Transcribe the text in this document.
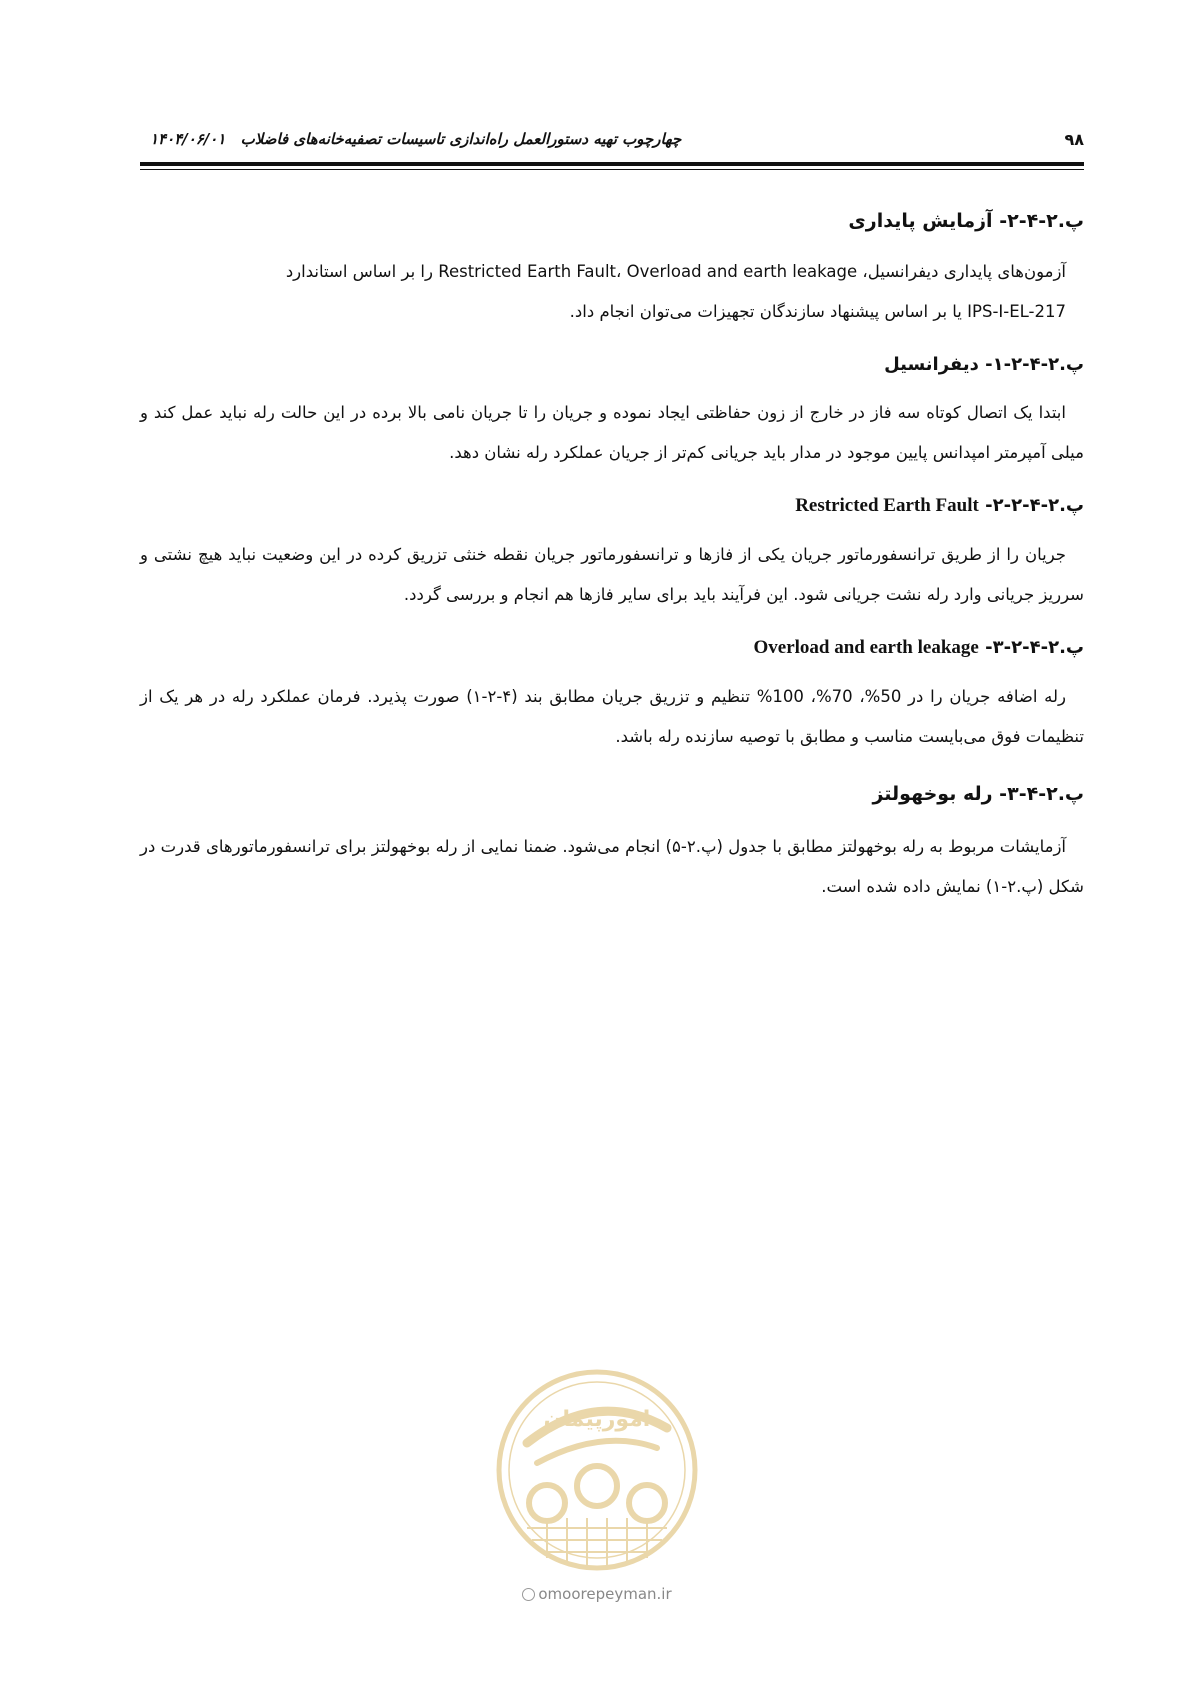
۹۸
چهارچوب تهیه دستورالعمل راه‌اندازی تاسیسات تصفیه‌خانه‌های فاضلاب ۱۴۰۴/۰۶/۰۱
پ.۲-۴-۲- آزمایش پایداری

آزمون‌های پایداری دیفرانسیل، Restricted Earth Fault، Overload and earth leakage را بر اساس استاندارد

IPS-I-EL-217 یا بر اساس پیشنهاد سازندگان تجهیزات می‌توان انجام داد.

پ.۲-۴-۲-۱- دیفرانسیل

ابتدا یک اتصال کوتاه سه فاز در خارج از زون حفاظتی ایجاد نموده و جریان را تا جریان نامی بالا برده در این حالت رله نباید عمل کند و میلی آمپرمتر امپدانس پایین موجود در مدار باید جریانی کم‌تر از جریان عملکرد رله نشان دهد.

پ.۲-۴-۲-۲- Restricted Earth Fault

جریان را از طریق ترانسفورماتور جریان یکی از فازها و ترانسفورماتور جریان نقطه خنثی تزریق کرده در این وضعیت نباید هیچ نشتی و سرریز جریانی وارد رله نشت جریانی شود. این فرآیند باید برای سایر فازها هم انجام و بررسی گردد.

پ.۲-۴-۲-۳- Overload and earth leakage

رله اضافه جریان را در 50%، 70%، 100% تنظیم و تزریق جریان مطابق بند (۴-۲-۱) صورت پذیرد. فرمان عملکرد رله در هر یک از تنظیمات فوق می‌بایست مناسب و مطابق با توصیه سازنده رله باشد.

پ.۲-۴-۳- رله بوخهولتز

آزمایشات مربوط به رله بوخهولتز مطابق با جدول (پ.۲-۵) انجام می‌شود. ضمنا نمایی از رله بوخهولتز برای ترانسفورماتورهای قدرت در شکل (پ.۲-۱) نمایش داده شده است.

امورپیمان
omoorepeyman.ir
